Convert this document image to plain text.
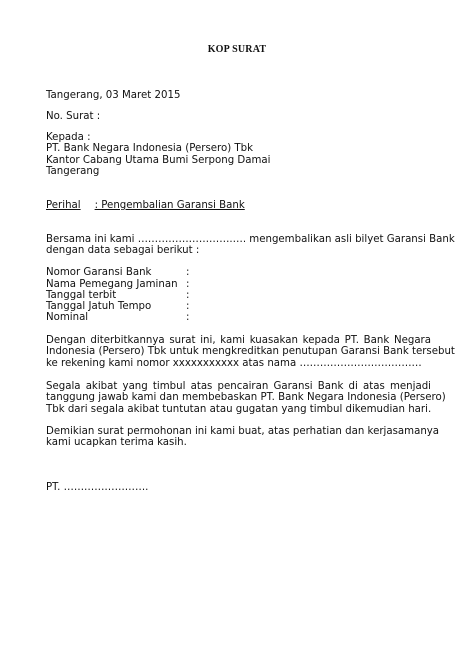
KOP SURAT
Tangerang, 03 Maret 2015
No. Surat :
Kepada :
PT. Bank Negara Indonesia (Persero) Tbk
Kantor Cabang Utama Bumi Serpong Damai
Tangerang
Perihal : Pengembalian Garansi Bank
Bersama ini kami ……………………….…. mengembalikan asli bilyet Garansi Bank
dengan data sebagai berikut :
Nomor Garansi Bank	:
Nama Pemegang Jaminan :
Tanggal terbit	:
Tanggal Jatuh Tempo	:
Nominal	:
Dengan diterbitkannya surat ini, kami kuasakan kepada PT. Bank Negara
Indonesia (Persero) Tbk untuk mengkreditkan penutupan Garansi Bank tersebut
ke rekening kami nomor xxxxxxxxxxx atas nama ………………………………
Segala akibat yang timbul atas pencairan Garansi Bank di atas menjadi
tanggung jawab kami dan membebaskan PT. Bank Negara Indonesia (Persero)
Tbk dari segala akibat tuntutan atau gugatan yang timbul dikemudian hari.
Demikian surat permohonan ini kami buat, atas perhatian dan kerjasamanya
kami ucapkan terima kasih.
PT. …………………….
